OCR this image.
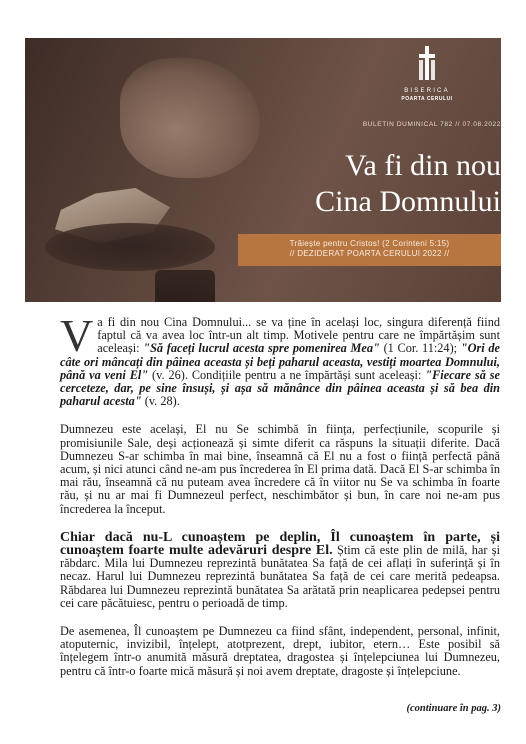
BISERICA
POARTA CERULUI
BULETIN DUMINICAL 782 // 07.08.2022
Va fi din nou
Cina Domnului
Trăiește pentru Cristos! (2 Corinteni 5:15)
// DEZIDERAT POARTA CERULUI 2022 //

Va fi din nou Cina Domnului... se va ține în același loc, singura diferență fiind faptul că va avea loc într-un alt timp. Motivele pentru care ne împărtășim sunt aceleași: "Să faceți lucrul acesta spre pomenirea Mea" (1 Cor. 11:24); "Ori de câte ori mâncați din pâinea aceasta și beți paharul aceasta, vestiți moartea Domnului, până va veni El" (v. 26). Condițiile pentru a ne împărtăși sunt aceleași: "Fiecare să se cerceteze, dar, pe sine însuși, și așa să mănânce din pâinea aceasta și să bea din paharul acesta" (v. 28).

Dumnezeu este același, El nu Se schimbă în ființa, perfecțiunile, scopurile și promisiunile Sale, deși acționează și simte diferit ca răspuns la situații diferite. Dacă Dumnezeu S-ar schimba în mai bine, înseamnă că El nu a fost o ființă perfectă până acum, și nici atunci când ne-am pus încrederea în El prima dată. Dacă El S-ar schimba în mai rău, înseamnă că nu puteam avea încredere că în viitor nu Se va schimba în foarte rău, și nu ar mai fi Dumnezeul perfect, neschimbător și bun, în care noi ne-am pus încrederea la început.

Chiar dacă nu-L cunoaștem pe deplin, Îl cunoaștem în parte, și cunoaștem foarte multe adevăruri despre El. Știm că este plin de milă, har și răbdarc. Mila lui Dumnezeu reprezintă bunătatea Sa față de cei aflați în suferință și în necaz. Harul lui Dumnezeu reprezintă bunătatea Sa față de cei care merită pedeapsa. Răbdarea lui Dumnezeu reprezintă bunătatea Sa arătată prin neaplicarea pedepsei pentru cei care păcătuiesc, pentru o perioadă de timp.

De asemenea, Îl cunoaștem pe Dumnezeu ca fiind sfânt, independent, personal, infinit, atoputernic, invizibil, înțelept, atotprezent, drept, iubitor, etern… Este posibil să înțelegem într-o anumită măsură dreptatea, dragostea și înțelepciunea lui Dumnezeu, pentru că într-o foarte mică măsură și noi avem dreptate, dragoste și înțelepciune.

(continuare în pag. 3)
